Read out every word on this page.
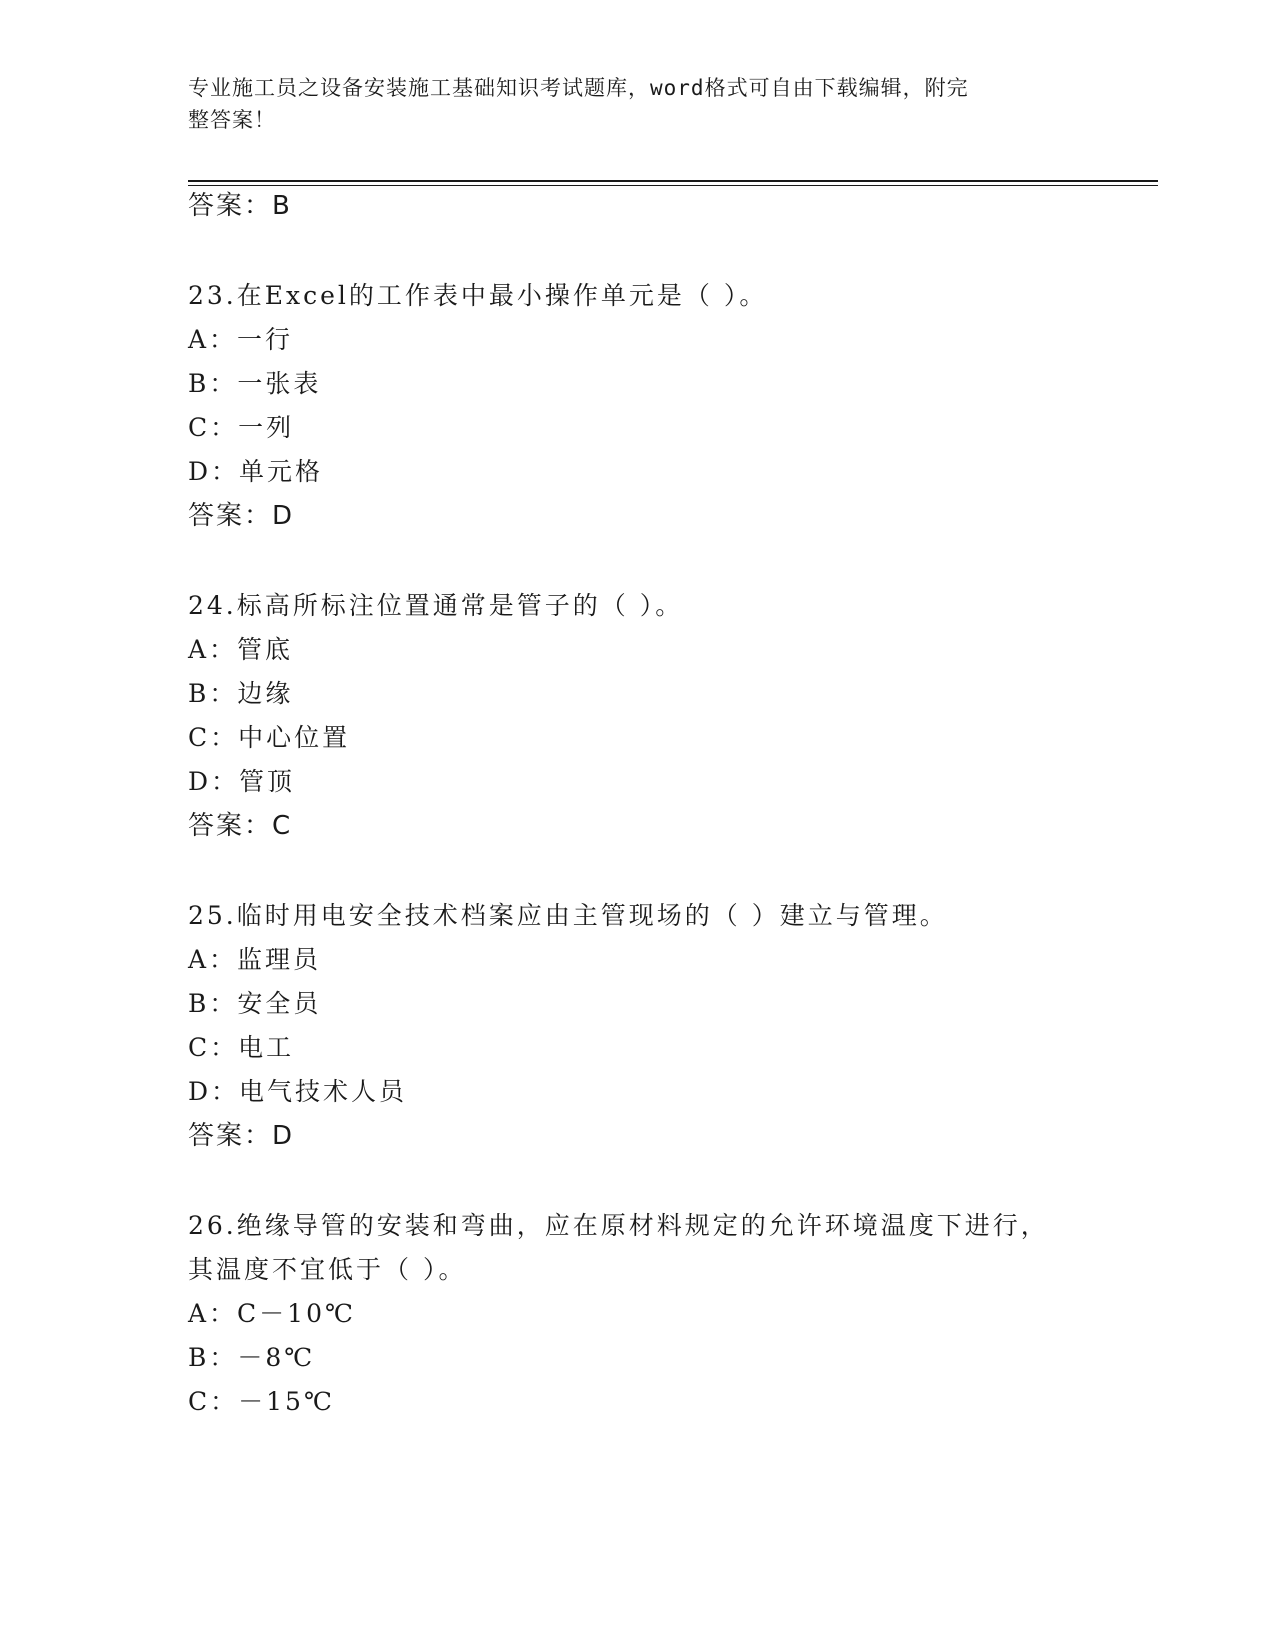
专业施工员之设备安装施工基础知识考试题库，word格式可自由下载编辑，附完
整答案！
答案：B
23.在Excel的工作表中最小操作单元是（ ）。
A：一行
B：一张表
C：一列
D：单元格
答案：D
24.标高所标注位置通常是管子的（ ）。
A：管底
B：边缘
C：中心位置
D：管顶
答案：C
25.临时用电安全技术档案应由主管现场的（ ）建立与管理。
A：监理员
B：安全员
C：电工
D：电气技术人员
答案：D
26.绝缘导管的安装和弯曲，应在原材料规定的允许环境温度下进行，
其温度不宜低于（ ）。
A：C－10℃
B：－8℃
C：－15℃
